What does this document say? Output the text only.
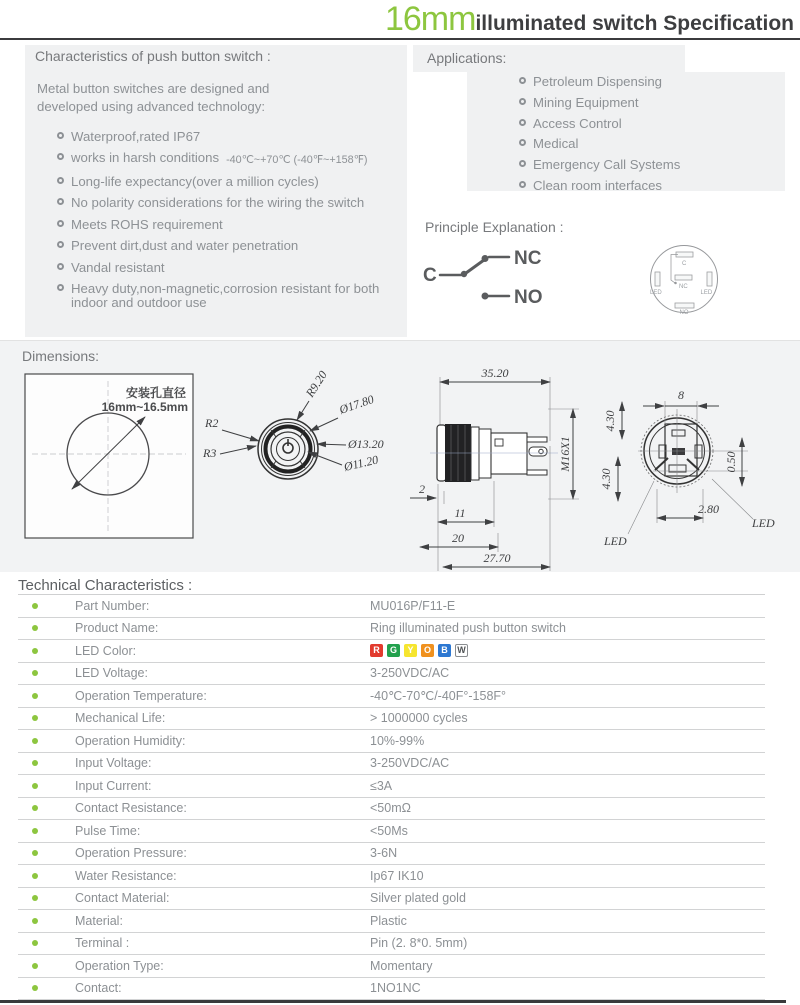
16mm illuminated switch Specification
Characteristics of push button switch :
Metal button switches are designed and
developed using advanced technology:
Waterproof,rated IP67
works in harsh conditions -40℃~+70℃ (-40℉~+158℉)
Long-life expectancy(over a million cycles)
No polarity considerations for the wiring the switch
Meets ROHS requirement
Prevent dirt,dust and water penetration
Vandal resistant
Heavy duty,non-magnetic,corrosion resistant for both indoor and outdoor use
Applications:
Petroleum Dispensing
Mining Equipment
Access Control
Medical
Emergency Call Systems
Clean room interfaces
Principle Explanation :
C
NC
NO
C
NC
NO
LED	LED
Dimensions:
安装孔直径
16mm~16.5mm
R2
R3
R9.20
Ø17.80
Ø13.20
Ø11.20
35.20
M16X1
2
11
20
27.70
8
4.30
4.30
0.50
2.80
LED
LED
Technical Characteristics :
Part Number:	MU016P/F11-E
Product Name:	Ring illuminated push button switch
LED Color:	R	G	Y	O	B	W
LED Voltage:	3-250VDC/AC
Operation Temperature:	-40℃-70℃/-40F°-158F°
Mechanical Life:	> 1000000 cycles
Operation Humidity:	10%-99%
Input Voltage:	3-250VDC/AC
Input Current:	≤3A
Contact Resistance:	<50mΩ
Pulse Time:	<50Ms
Operation Pressure:	3-6N
Water Resistance:	Ip67 IK10
Contact Material:	Silver plated gold
Material:	Plastic
Terminal :	Pin (2. 8*0. 5mm)
Operation Type:	Momentary
Contact:	1NO1NC
